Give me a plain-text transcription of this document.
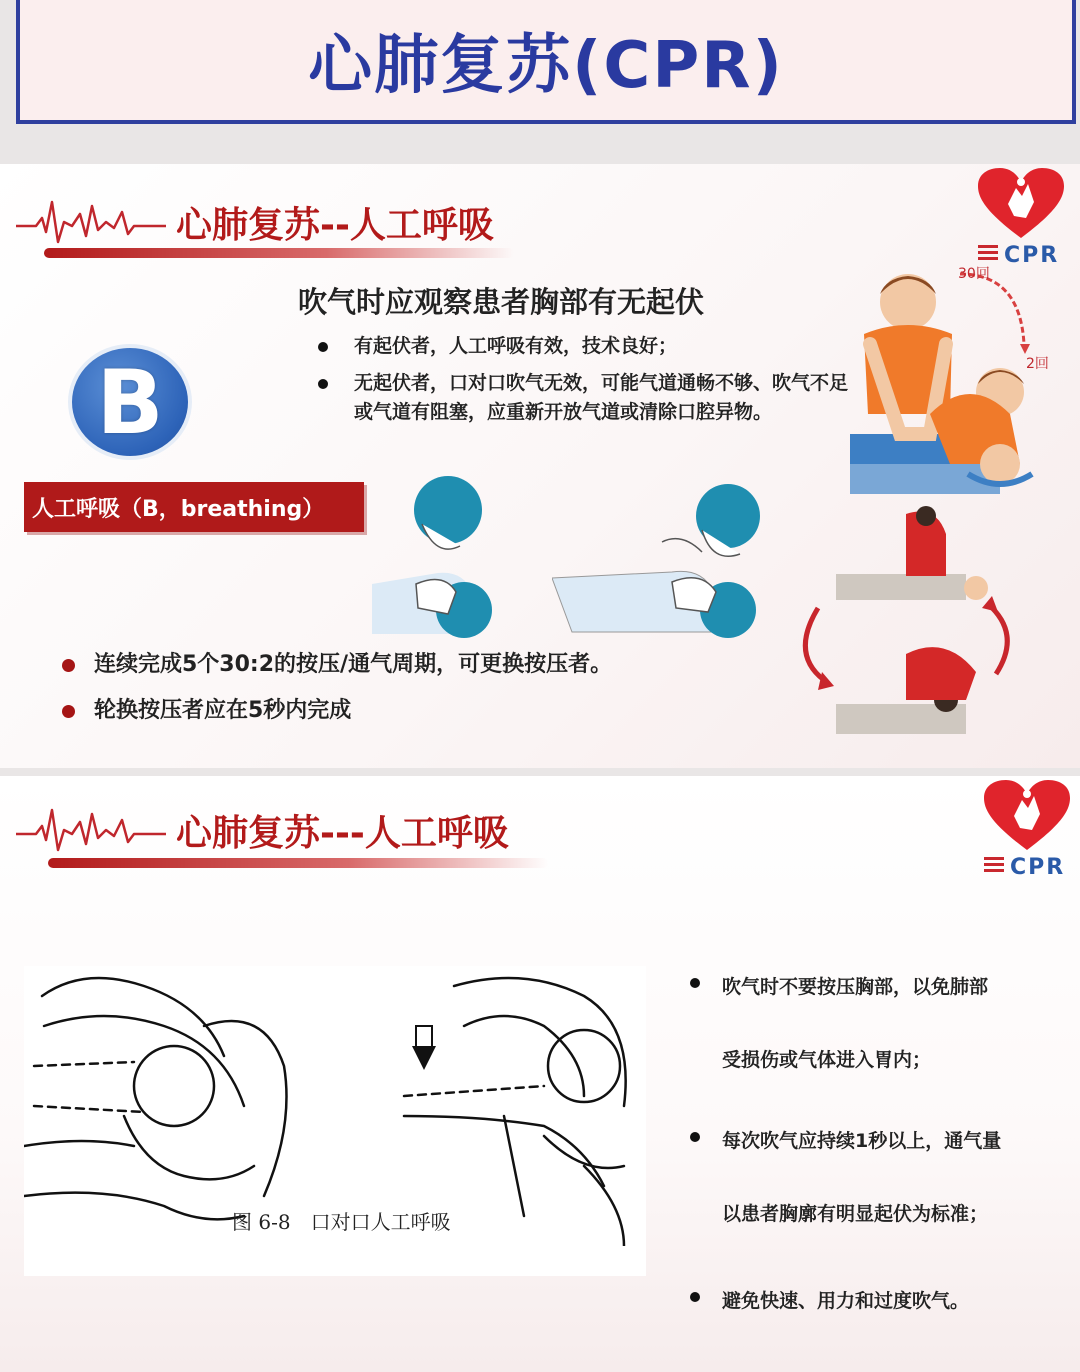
心肺复苏(CPR)
心肺复苏--人工呼吸
CPR
吹气时应观察患者胸部有无起伏
有起伏者，人工呼吸有效，技术良好；
无起伏者，口对口吹气无效，可能气道通畅不够、吹气不足或气道有阻塞，应重新开放气道或清除口腔异物。
B
人工呼吸（B，breathing）
30回
2回
连续完成5个30:2的按压/通气周期，可更换按压者。
轮换按压者应在5秒内完成
心肺复苏---人工呼吸
CPR
图 6-8　口对口人工呼吸
吹气时不要按压胸部，以免肺部
受损伤或气体进入胃内；
每次吹气应持续1秒以上，通气量
以患者胸廓有明显起伏为标准；
避免快速、用力和过度吹气。
